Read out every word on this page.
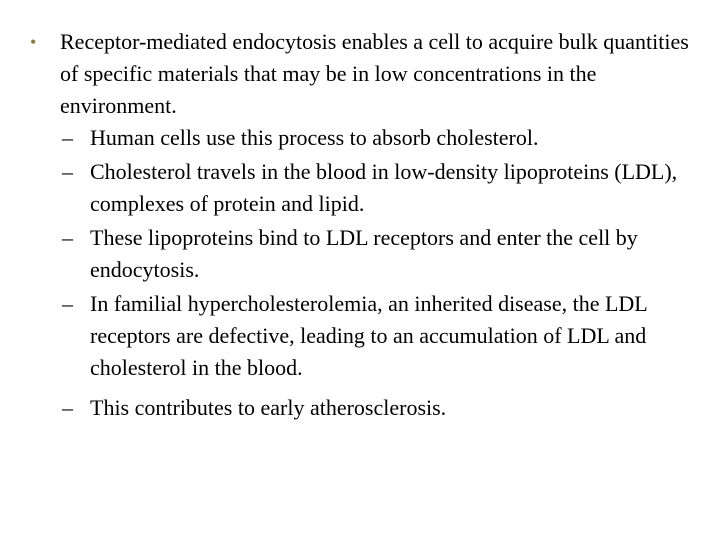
• Receptor-mediated endocytosis enables a cell to acquire bulk quantities of specific materials that may be in low concentrations in the environment.
– Human cells use this process to absorb cholesterol.
– Cholesterol travels in the blood in low-density lipoproteins (LDL), complexes of protein and lipid.
– These lipoproteins bind to LDL receptors and enter the cell by endocytosis.
– In familial hypercholesterolemia, an inherited disease, the LDL receptors are defective, leading to an accumulation of LDL and cholesterol in the blood.
– This contributes to early atherosclerosis.
